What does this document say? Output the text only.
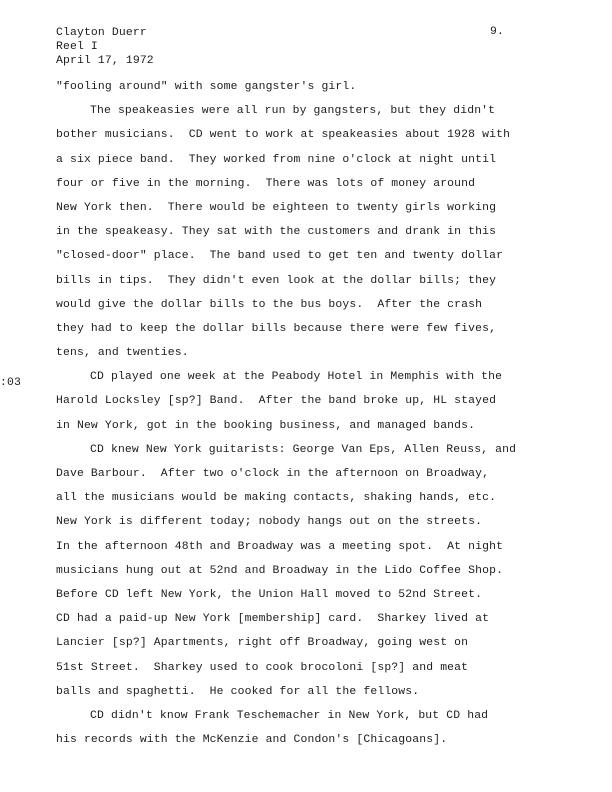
Clayton Duerr
Reel I
April 17, 1972
9.
:03
"fooling around" with some gangster's girl.
The speakeasies were all run by gangsters, but they didn't
bother musicians.  CD went to work at speakeasies about 1928 with
a six piece band.  They worked from nine o'clock at night until
four or five in the morning.  There was lots of money around
New York then.  There would be eighteen to twenty girls working
in the speakeasy. They sat with the customers and drank in this
"closed-door" place.  The band used to get ten and twenty dollar
bills in tips.  They didn't even look at the dollar bills; they
would give the dollar bills to the bus boys.  After the crash
they had to keep the dollar bills because there were few fives,
tens, and twenties.
CD played one week at the Peabody Hotel in Memphis with the
Harold Locksley [sp?] Band.  After the band broke up, HL stayed
in New York, got in the booking business, and managed bands.
CD knew New York guitarists: George Van Eps, Allen Reuss, and
Dave Barbour.  After two o'clock in the afternoon on Broadway,
all the musicians would be making contacts, shaking hands, etc.
New York is different today; nobody hangs out on the streets.
In the afternoon 48th and Broadway was a meeting spot.  At night
musicians hung out at 52nd and Broadway in the Lido Coffee Shop.
Before CD left New York, the Union Hall moved to 52nd Street.
CD had a paid-up New York [membership] card.  Sharkey lived at
Lancier [sp?] Apartments, right off Broadway, going west on
51st Street.  Sharkey used to cook brocoloni [sp?] and meat
balls and spaghetti.  He cooked for all the fellows.
CD didn't know Frank Teschemacher in New York, but CD had
his records with the McKenzie and Condon's [Chicagoans].
